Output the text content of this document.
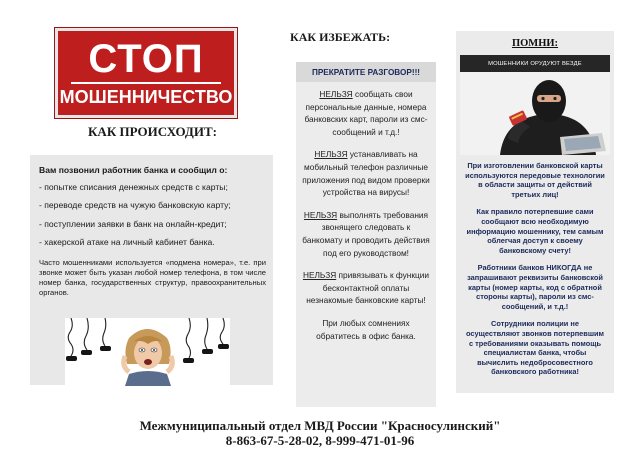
СТОП
МОШЕННИЧЕСТВО
КАК ПРОИСХОДИТ:

Вам позвонил работник банка и сообщил о:

- попытке списания денежных средств с карты;
- переводе средств на чужую банковскую карту;
- поступлении заявки в банк на онлайн-кредит;
- хакерской атаке на личный кабинет банка.
Часто мошенниками используется «подмена номера», т.е. при звонке может быть указан любой номер телефона, в том числе номер банка, государственных структур, правоохранительных органов.
КАК ИЗБЕЖАТЬ:
ПРЕКРАТИТЕ РАЗГОВОР!!!
НЕЛЬЗЯ сообщать свои персональные данные, номера банковских карт, пароли из смс-сообщений и т.д.!
НЕЛЬЗЯ устанавливать на мобильный телефон различные приложения под видом проверки устройства на вирусы!
НЕЛЬЗЯ выполнять требования звонящего следовать к банкомату и проводить действия под его руководством!
НЕЛЬЗЯ привязывать к функции бесконтактной оплаты незнакомые банковские карты!
При любых сомнениях обратитесь в офис банка.
ПОМНИ:
МОШЕННИКИ ОРУДУЮТ ВЕЗДЕ

При изготовлении банковской карты используются передовые технологии в области защиты от действий третьих лиц!

Как правило потерпевшие сами сообщают всю необходимую информацию мошеннику, тем самым облегчая доступ к своему банковскому счету!

Работники банков НИКОГДА не запрашивают реквизиты банковской карты (номер карты, код с обратной стороны карты), пароли из смс-сообщений, и т.д.!

Сотрудники полиции не осуществляют звонков потерпевшим с требованиями оказывать помощь специалистам банка, чтобы вычислить недобросовестного банковского работника!

Межмуниципальный отдел МВД России "Красносулинский"
8-863-67-5-28-02, 8-999-471-01-96
